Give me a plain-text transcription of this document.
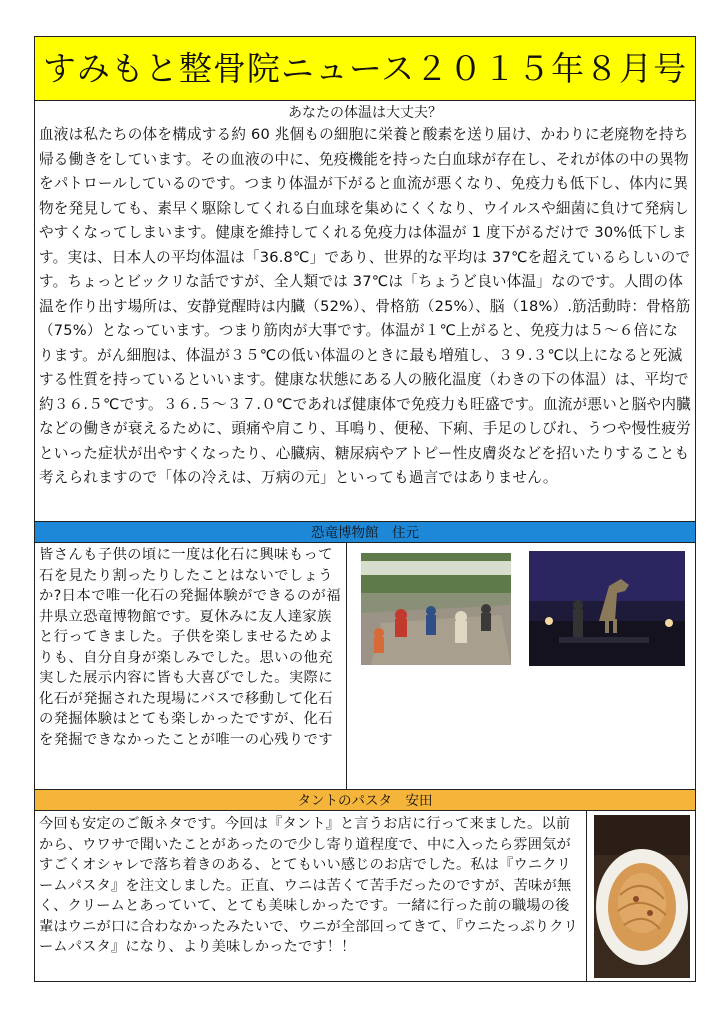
すみもと整骨院ニュース２０１５年８月号
あなたの体温は大丈夫？
血液は私たちの体を構成する約 60 兆個もの細胞に栄養と酸素を送り届け、かわりに老廃物を持ち帰る働きをしています。その血液の中に、免疫機能を持った白血球が存在し、それが体の中の異物をパトロールしているのです。つまり体温が下がると血流が悪くなり、免疫力も低下し、体内に異物を発見しても、素早く駆除してくれる白血球を集めにくくなり、ウイルスや細菌に負けて発病しやすくなってしまいます。健康を維持してくれる免疫力は体温が 1 度下がるだけで 30%低下します。実は、日本人の平均体温は「36.8℃」であり、世界的な平均は 37℃を超えているらしいのです。ちょっとビックリな話ですが、全人類では 37℃は「ちょうど良い体温」なのです。人間の体温を作り出す場所は、安静覚醒時は内臓（52%）、骨格筋（25%）、脳（18%）.筋活動時：骨格筋（75%）となっています。つまり筋肉が大事です。体温が１℃上がると、免疫力は５～６倍になります。がん細胞は、体温が３５℃の低い体温のときに最も増殖し、３９.３℃以上になると死滅する性質を持っているといいます。健康な状態にある人の腋化温度（わきの下の体温）は、平均で約３６.５℃です。３６.５～３７.０℃であれば健康体で免疫力も旺盛です。血流が悪いと脳や内臓などの働きが衰えるために、頭痛や肩こり、耳鳴り、便秘、下痢、手足のしびれ、うつや慢性疲労といった症状が出やすくなったり、心臓病、糖尿病やアトピー性皮膚炎などを招いたりすることも考えられますので「体の冷えは、万病の元」といっても過言ではありません。
恐竜博物館　住元
皆さんも子供の頃に一度は化石に興味もって石を見たり割ったりしたことはないでしょうか?日本で唯一化石の発掘体験ができるのが福井県立恐竜博物館です。夏休みに友人達家族と行ってきました。子供を楽しませるためよりも、自分自身が楽しみでした。思いの他充実した展示内容に皆も大喜びでした。実際に化石が発掘された現場にバスで移動して化石の発掘体験はとても楽しかったですが、化石を発掘できなかったことが唯一の心残りです
タントのパスタ　安田
今回も安定のご飯ネタです。今回は『タント』と言うお店に行って来ました。以前から、ウワサで聞いたことがあったので少し寄り道程度で、中に入ったら雰囲気がすごくオシャレで落ち着きのある、とてもいい感じのお店でした。私は『ウニクリームパスタ』を注文しました。正直、ウニは苦くて苦手だったのですが、苦味が無く、クリームとあっていて、とても美味しかったです。一緒に行った前の職場の後輩はウニが口に合わなかったみたいで、ウニが全部回ってきて、『ウニたっぷりクリームパスタ』になり、より美味しかったです！！
